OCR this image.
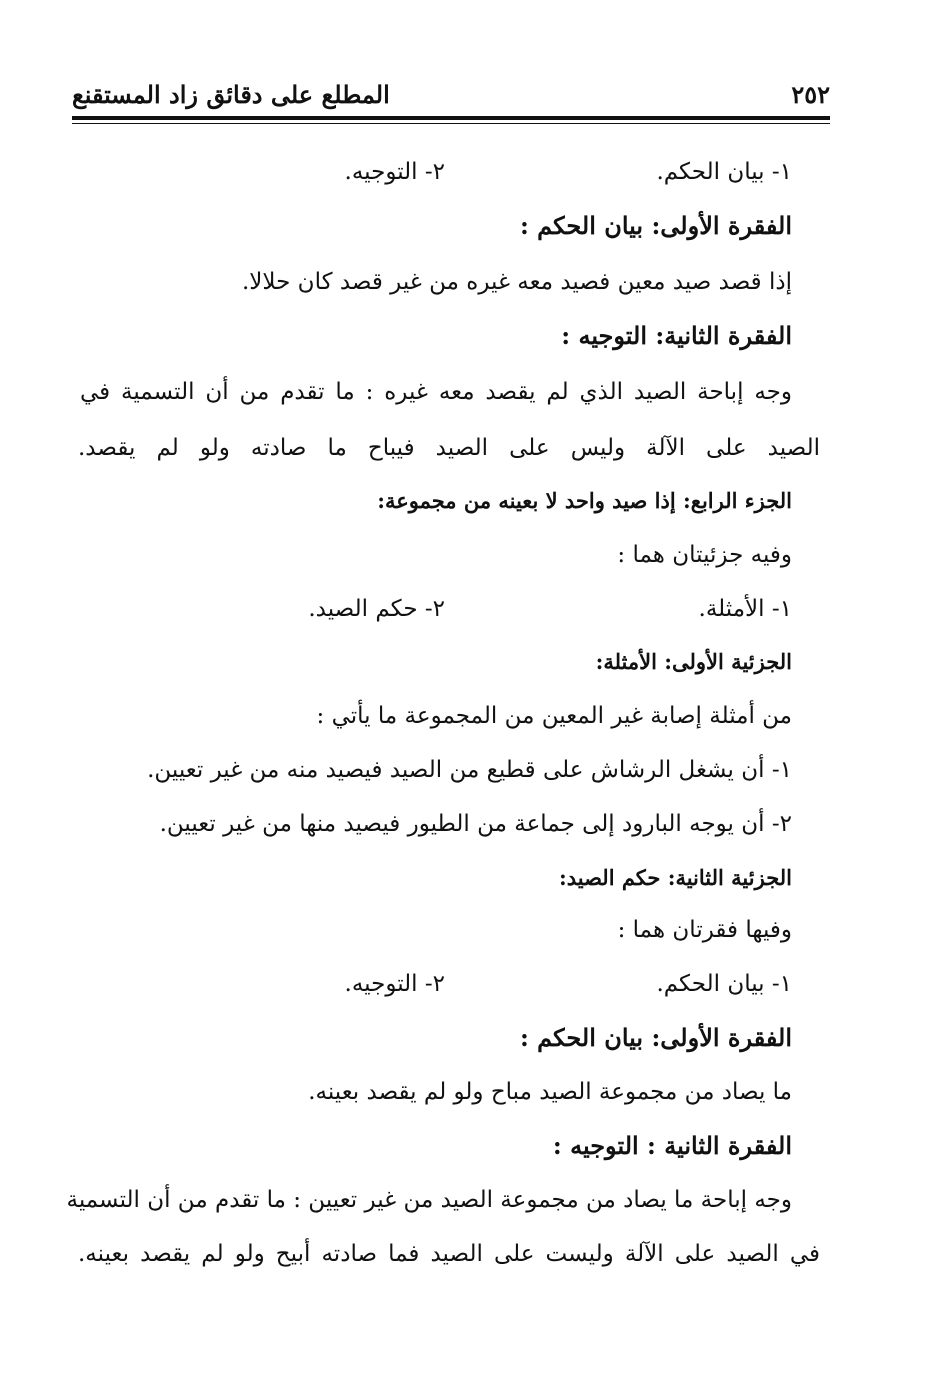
٢٥٢
المطلع على دقائق زاد المستقنع
١- بيان الحكم.
٢- التوجيه.
الفقرة الأولى: بيان الحكم :
إذا قصد صيد معين فصيد معه غيره من غير قصد كان حلالا.
الفقرة الثانية: التوجيه :
وجه إباحة الصيد الذي لم يقصد معه غيره : ما تقدم من أن التسمية في
الصيد على الآلة وليس على الصيد فيباح ما صادته ولو لم يقصد.
الجزء الرابع: إذا صيد واحد لا بعينه من مجموعة:
وفيه جزئيتان هما :
١- الأمثلة.
٢- حكم الصيد.
الجزئية الأولى: الأمثلة:
من أمثلة إصابة غير المعين من المجموعة ما يأتي :
١- أن يشغل الرشاش على قطيع من الصيد فيصيد منه من غير تعيين.
٢- أن يوجه البارود إلى جماعة من الطيور فيصيد منها من غير تعيين.
الجزئية الثانية: حكم الصيد:
وفيها فقرتان هما :
١- بيان الحكم.
٢- التوجيه.
الفقرة الأولى: بيان الحكم :
ما يصاد من مجموعة الصيد مباح ولو لم يقصد بعينه.
الفقرة الثانية : التوجيه :
وجه إباحة ما يصاد من مجموعة الصيد من غير تعيين : ما تقدم من أن التسمية
في الصيد على الآلة وليست على الصيد فما صادته أبيح ولو لم يقصد بعينه.
